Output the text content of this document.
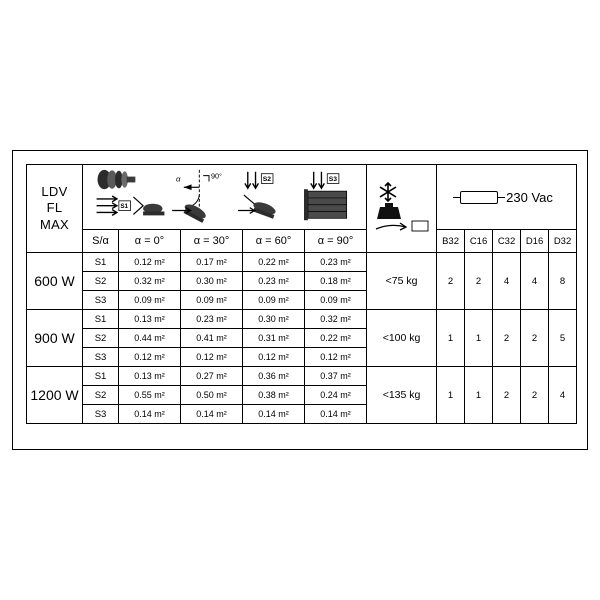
LDV
FL
MAX

S1
α	90°	S2	S3

230 Vac

	S/α	α = 0°	α = 30°	α = 60°	α = 90°		B32	C16	C32	D16	D32
600 W	S1	0.12 m²	0.17 m²	0.22 m²	0.23 m²	<75 kg	2	2	4	4	8
	S2	0.32 m²	0.30 m²	0.23 m²	0.18 m²						
	S3	0.09 m²	0.09 m²	0.09 m²	0.09 m²						
900 W	S1	0.13 m²	0.23 m²	0.30 m²	0.32 m²	<100 kg	1	1	2	2	5
	S2	0.44 m²	0.41 m²	0.31 m²	0.22 m²						
	S3	0.12 m²	0.12 m²	0.12 m²	0.12 m²						
1200 W	S1	0.13 m²	0.27 m²	0.36 m²	0.37 m²	<135 kg	1	1	2	2	4
	S2	0.55 m²	0.50 m²	0.38 m²	0.24 m²						
	S3	0.14 m²	0.14 m²	0.14 m²	0.14 m²						
